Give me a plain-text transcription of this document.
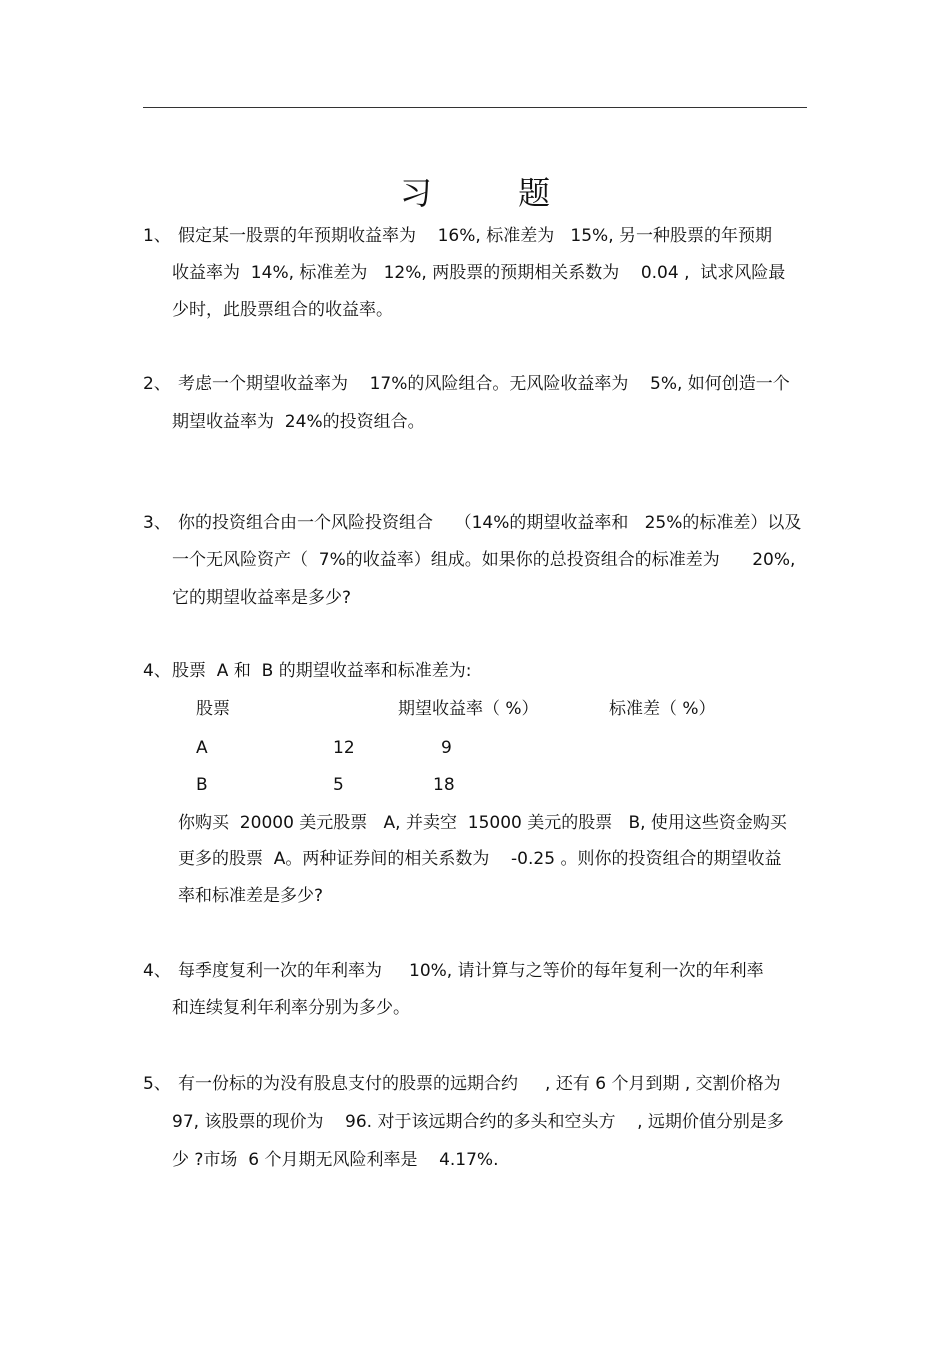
习 题
1、 假定某一股票的年预期收益率为    16%, 标准差为   15%, 另一种股票的年预期
收益率为  14%, 标准差为   12%, 两股票的预期相关系数为    0.04 ,  试求风险最
少时，此股票组合的收益率。
2、 考虑一个期望收益率为    17%的风险组合。无风险收益率为    5%, 如何创造一个
期望收益率为  24%的投资组合。
3、 你的投资组合由一个风险投资组合    （14%的期望收益率和   25%的标准差）以及
一个无风险资产（  7%的收益率）组成。如果你的总投资组合的标准差为      20%,
它的期望收益率是多少?
4、 股票  A 和  B 的期望收益率和标准差为:
股票	期望收益率（ %）	标准差（ %）
A	12	9
B	5	18
你购买  20000 美元股票   A, 并卖空  15000 美元的股票   B, 使用这些资金购买
更多的股票  A。两种证券间的相关系数为    -0.25 。则你的投资组合的期望收益
率和标准差是多少?
4、 每季度复利一次的年利率为     10%, 请计算与之等价的每年复利一次的年利率
和连续复利年利率分别为多少。
5、 有一份标的为没有股息支付的股票的远期合约     , 还有 6 个月到期 , 交割价格为
97, 该股票的现价为    96. 对于该远期合约的多头和空头方    , 远期价值分别是多
少 ?市场  6 个月期无风险利率是    4.17%.
